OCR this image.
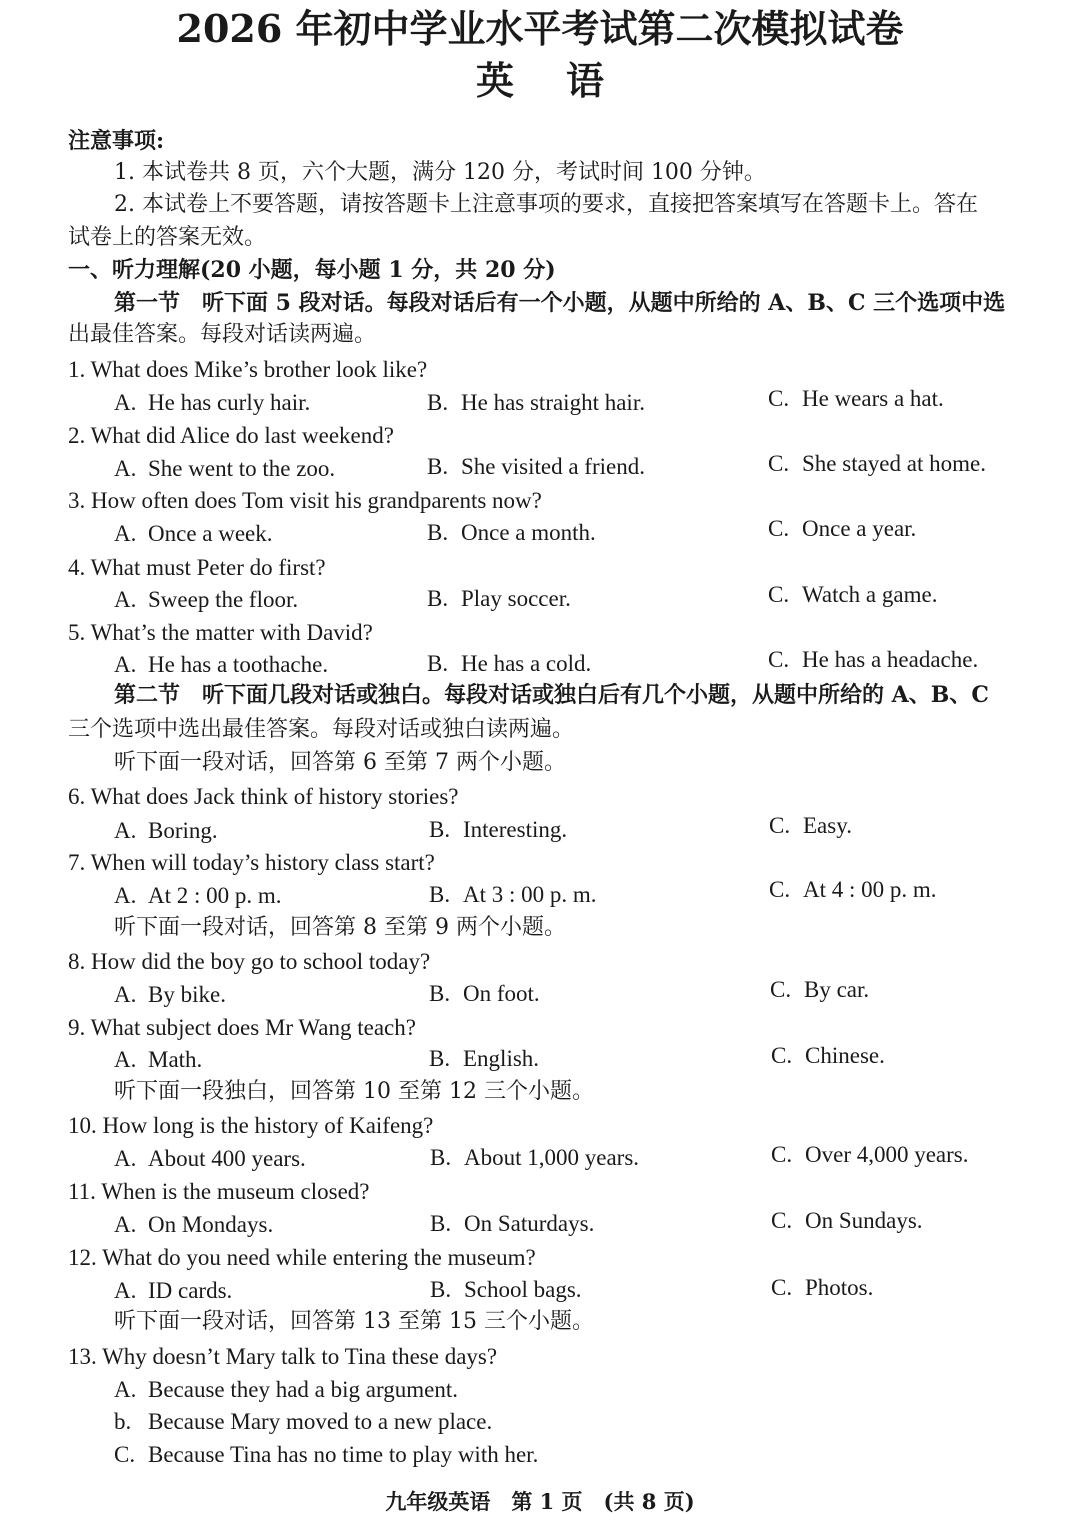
2026 年初中学业水平考试第二次模拟试卷
英 语
注意事项:
1. 本试卷共 8 页，六个大题，满分 120 分，考试时间 100 分钟。
2. 本试卷上不要答题，请按答题卡上注意事项的要求，直接把答案填写在答题卡上。答在
试卷上的答案无效。
一、听力理解(20 小题，每小题 1 分，共 20 分)
第一节　听下面 5 段对话。每段对话后有一个小题，从题中所给的 A、B、C 三个选项中选
出最佳答案。每段对话读两遍。
1. What does Mike’s brother look like?
A. He has curly hair.	B. He has straight hair.	C. He wears a hat.
2. What did Alice do last weekend?
A. She went to the zoo.	B. She visited a friend.	C. She stayed at home.
3. How often does Tom visit his grandparents now?
A. Once a week.	B. Once a month.	C. Once a year.
4. What must Peter do first?
A. Sweep the floor.	B. Play soccer.	C. Watch a game.
5. What’s the matter with David?
A. He has a toothache.	B. He has a cold.	C. He has a headache.
第二节　听下面几段对话或独白。每段对话或独白后有几个小题，从题中所给的 A、B、C
三个选项中选出最佳答案。每段对话或独白读两遍。
听下面一段对话，回答第 6 至第 7 两个小题。
6. What does Jack think of history stories?
A. Boring.	B. Interesting.	C. Easy.
7. When will today’s history class start?
A. At 2 : 00 p. m.	B. At 3 : 00 p. m.	C. At 4 : 00 p. m.
听下面一段对话，回答第 8 至第 9 两个小题。
8. How did the boy go to school today?
A. By bike.	B. On foot.	C. By car.
9. What subject does Mr Wang teach?
A. Math.	B. English.	C. Chinese.
听下面一段独白，回答第 10 至第 12 三个小题。
10. How long is the history of Kaifeng?
A. About 400 years.	B. About 1,000 years.	C. Over 4,000 years.
11. When is the museum closed?
A. On Mondays.	B. On Saturdays.	C. On Sundays.
12. What do you need while entering the museum?
A. ID cards.	B. School bags.	C. Photos.
听下面一段对话，回答第 13 至第 15 三个小题。
13. Why doesn’t Mary talk to Tina these days?
A. Because they had a big argument.
b. Because Mary moved to a new place.
C. Because Tina has no time to play with her.
九年级英语　第 1 页　(共 8 页)
